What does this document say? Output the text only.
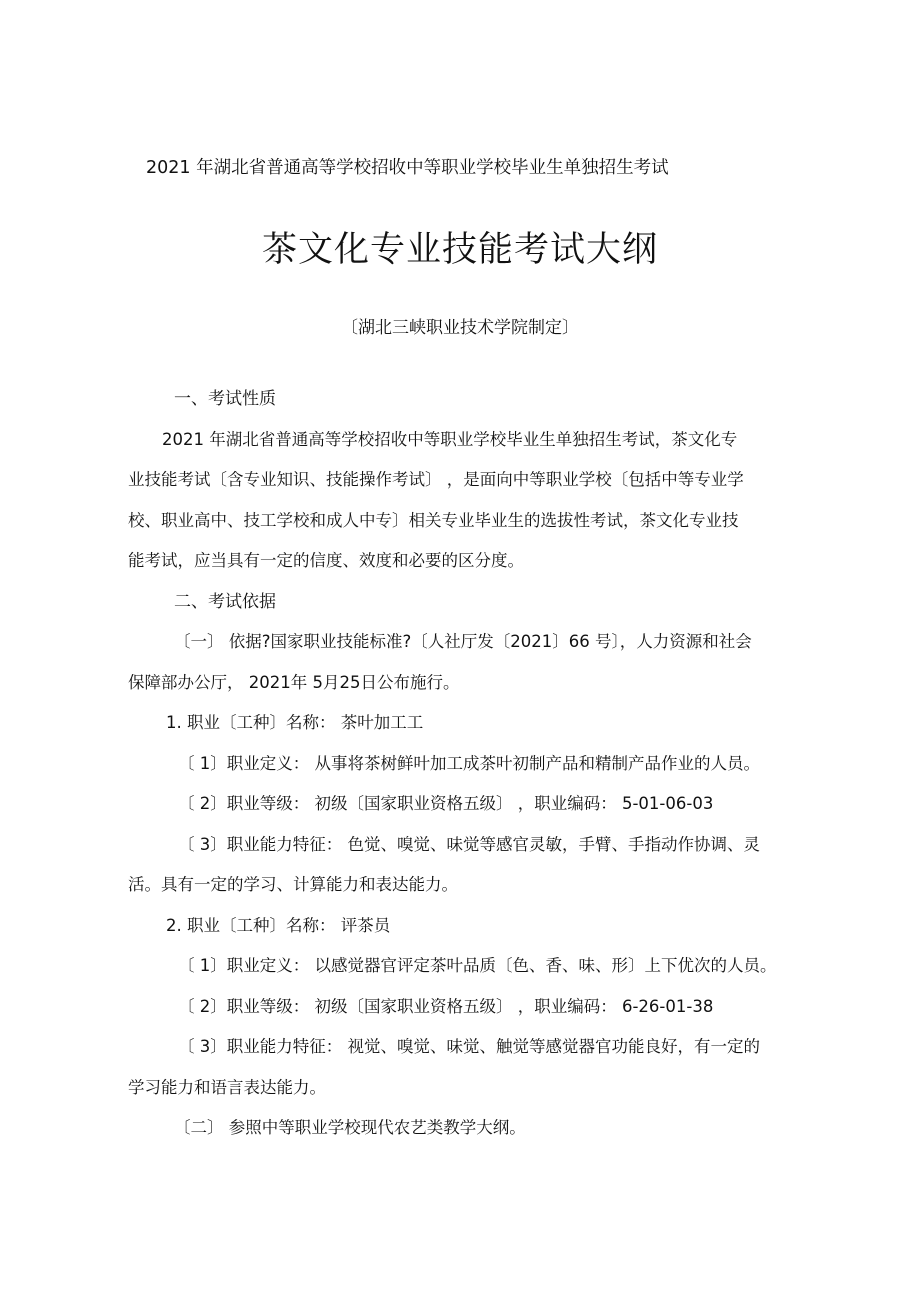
2021 年湖北省普通高等学校招收中等职业学校毕业生单独招生考试
茶文化专业技能考试大纲
〔湖北三峡职业技术学院制定〕
一、考试性质
2021 年湖北省普通高等学校招收中等职业学校毕业生单独招生考试，茶文化专
业技能考试〔含专业知识、技能操作考试〕 ，是面向中等职业学校〔包括中等专业学
校、职业高中、技工学校和成人中专〕相关专业毕业生的选拔性考试，茶文化专业技
能考试，应当具有一定的信度、效度和必要的区分度。
二、考试依据
〔一〕 依据?国家职业技能标准?〔人社厅发〔2021〕66 号〕，人力资源和社会
保障部办公厅， 2021年 5月25日公布施行。
1. 职业〔工种〕名称： 茶叶加工工
〔 1〕职业定义： 从事将茶树鲜叶加工成茶叶初制产品和精制产品作业的人员。
〔 2〕职业等级： 初级〔国家职业资格五级〕 ，职业编码： 5-01-06-03
〔 3〕职业能力特征： 色觉、嗅觉、味觉等感官灵敏，手臂、手指动作协调、灵
活。具有一定的学习、计算能力和表达能力。
2. 职业〔工种〕名称： 评茶员
〔 1〕职业定义： 以感觉器官评定茶叶品质〔色、香、味、形〕上下优次的人员。
〔 2〕职业等级： 初级〔国家职业资格五级〕 ，职业编码： 6-26-01-38
〔 3〕职业能力特征： 视觉、嗅觉、味觉、触觉等感觉器官功能良好，有一定的
学习能力和语言表达能力。
〔二〕 参照中等职业学校现代农艺类教学大纲。
